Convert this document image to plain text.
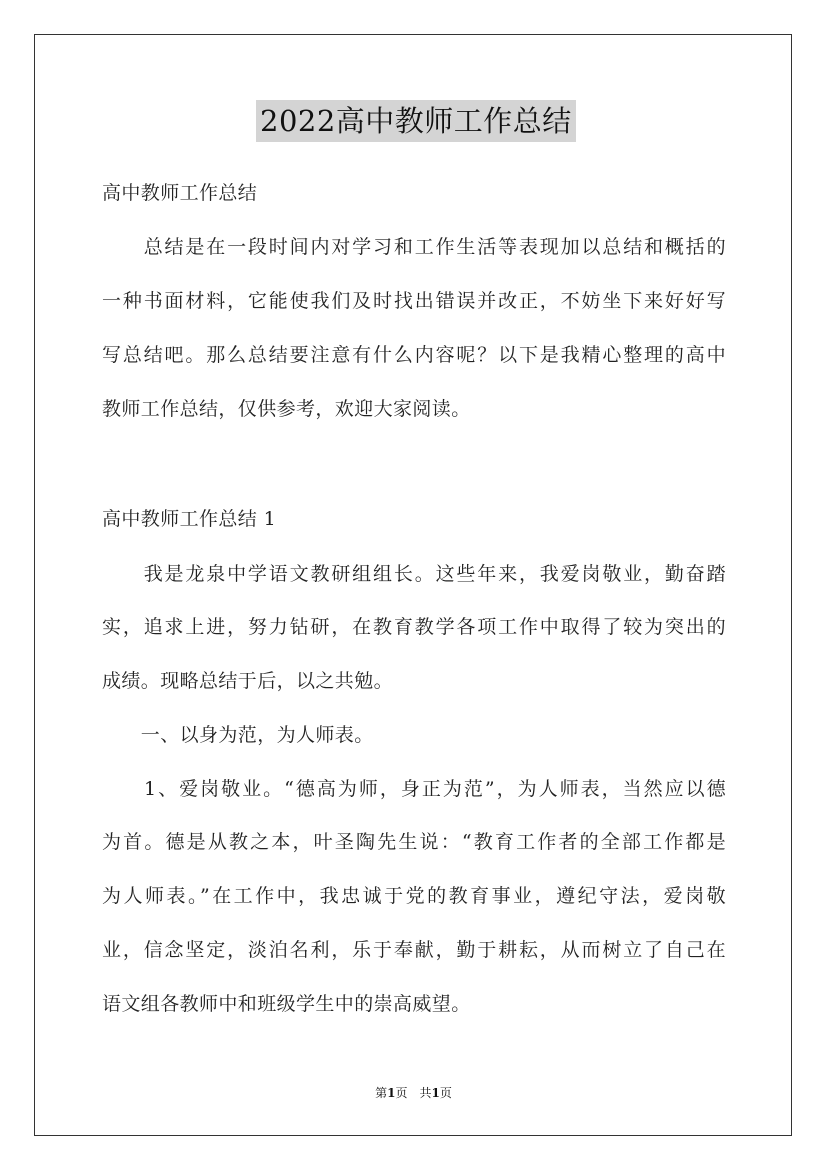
2022高中教师工作总结
高中教师工作总结
　　总结是在一段时间内对学习和工作生活等表现加以总结和概括的
一种书面材料，它能使我们及时找出错误并改正，不妨坐下来好好写
写总结吧。那么总结要注意有什么内容呢？以下是我精心整理的高中
教师工作总结，仅供参考，欢迎大家阅读。
高中教师工作总结 1
　　我是龙泉中学语文教研组组长。这些年来，我爱岗敬业，勤奋踏
实，追求上进，努力钻研，在教育教学各项工作中取得了较为突出的
成绩。现略总结于后，以之共勉。
　　一、以身为范，为人师表。
　　1、爱岗敬业。“德高为师，身正为范”，为人师表，当然应以德
为首。德是从教之本，叶圣陶先生说：“教育工作者的全部工作都是
为人师表。”在工作中，我忠诚于党的教育事业，遵纪守法，爱岗敬
业，信念坚定，淡泊名利，乐于奉献，勤于耕耘，从而树立了自己在
语文组各教师中和班级学生中的崇高威望。
第1页　共1页
